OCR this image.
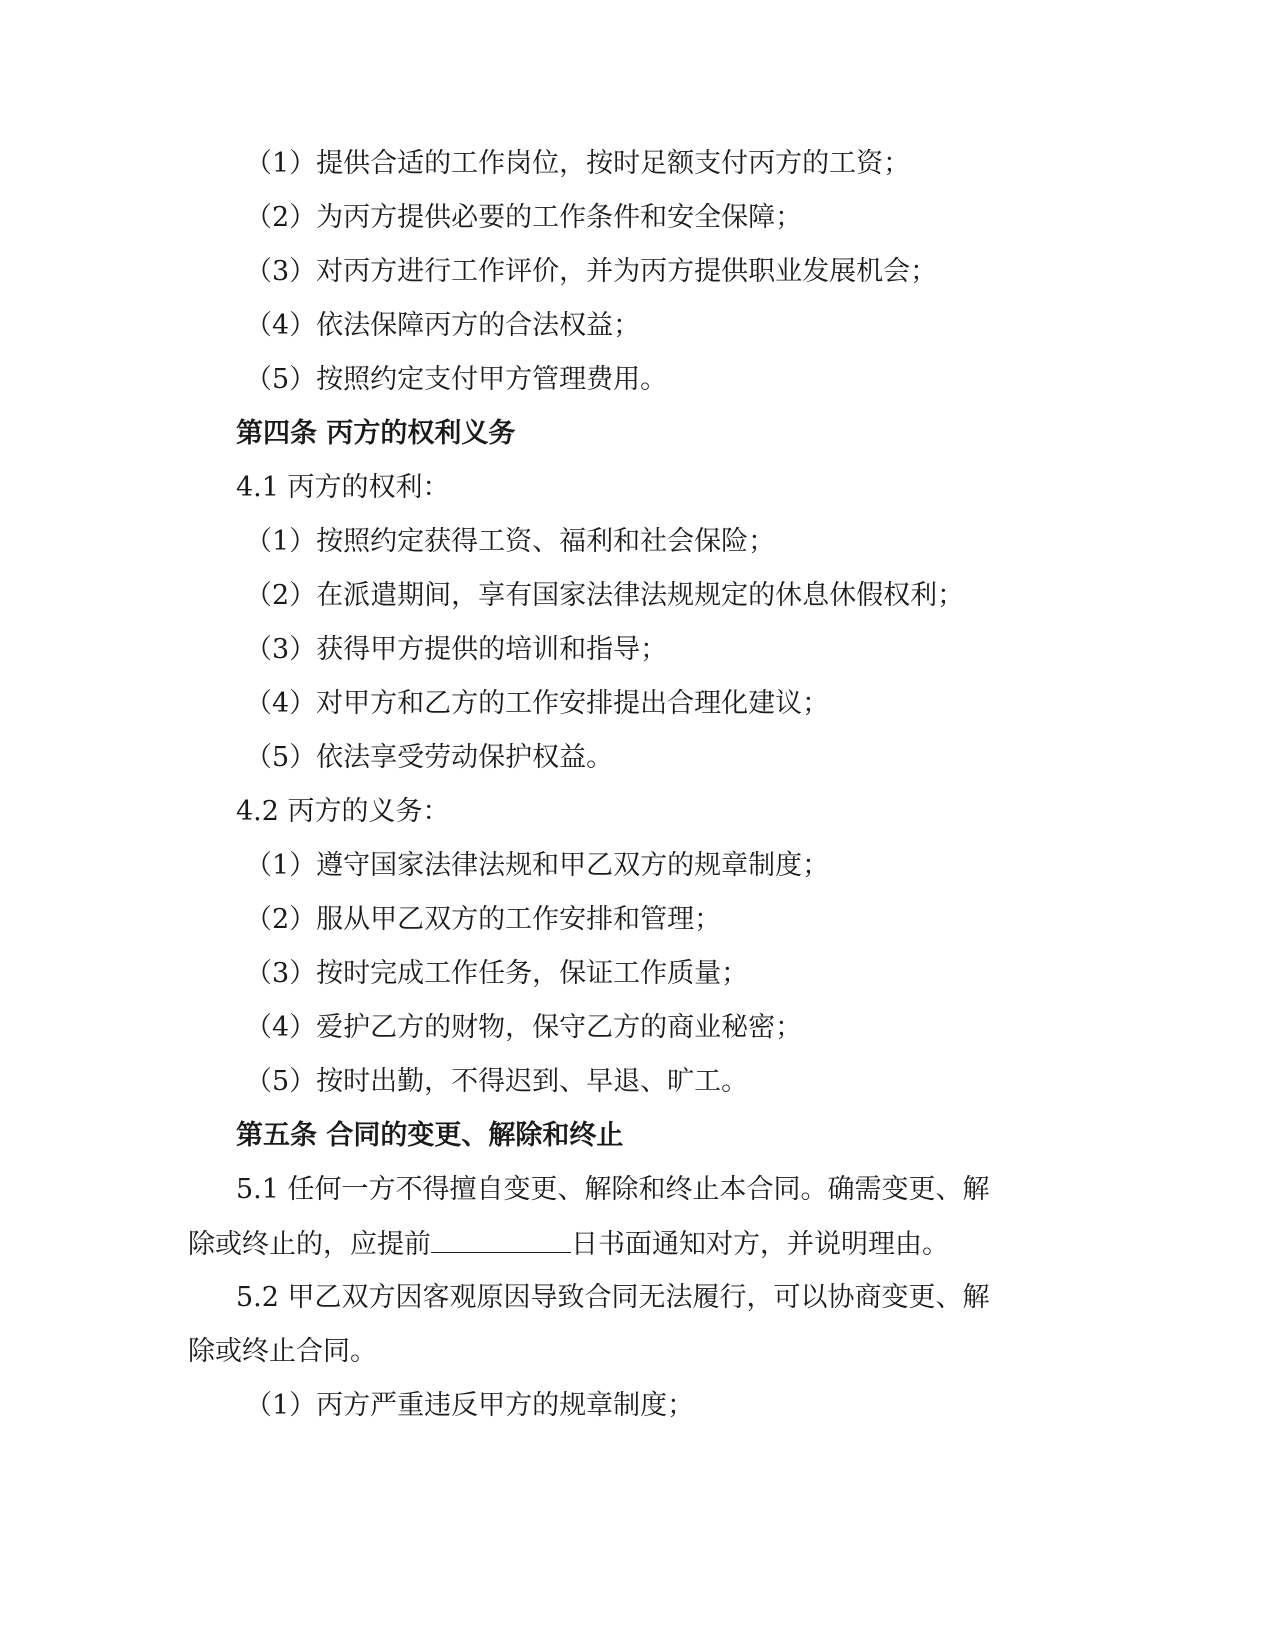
（1）提供合适的工作岗位，按时足额支付丙方的工资；
（2）为丙方提供必要的工作条件和安全保障；
（3）对丙方进行工作评价，并为丙方提供职业发展机会；
（4）依法保障丙方的合法权益；
（5）按照约定支付甲方管理费用。
第四条 丙方的权利义务
4.1 丙方的权利：
（1）按照约定获得工资、福利和社会保险；
（2）在派遣期间，享有国家法律法规规定的休息休假权利；
（3）获得甲方提供的培训和指导；
（4）对甲方和乙方的工作安排提出合理化建议；
（5）依法享受劳动保护权益。
4.2 丙方的义务：
（1）遵守国家法律法规和甲乙双方的规章制度；
（2）服从甲乙双方的工作安排和管理；
（3）按时完成工作任务，保证工作质量；
（4）爱护乙方的财物，保守乙方的商业秘密；
（5）按时出勤，不得迟到、早退、旷工。
第五条 合同的变更、解除和终止
5.1 任何一方不得擅自变更、解除和终止本合同。确需变更、解
除或终止的，应提前	日书面通知对方，并说明理由。
5.2 甲乙双方因客观原因导致合同无法履行，可以协商变更、解
除或终止合同。
（1）丙方严重违反甲方的规章制度；
